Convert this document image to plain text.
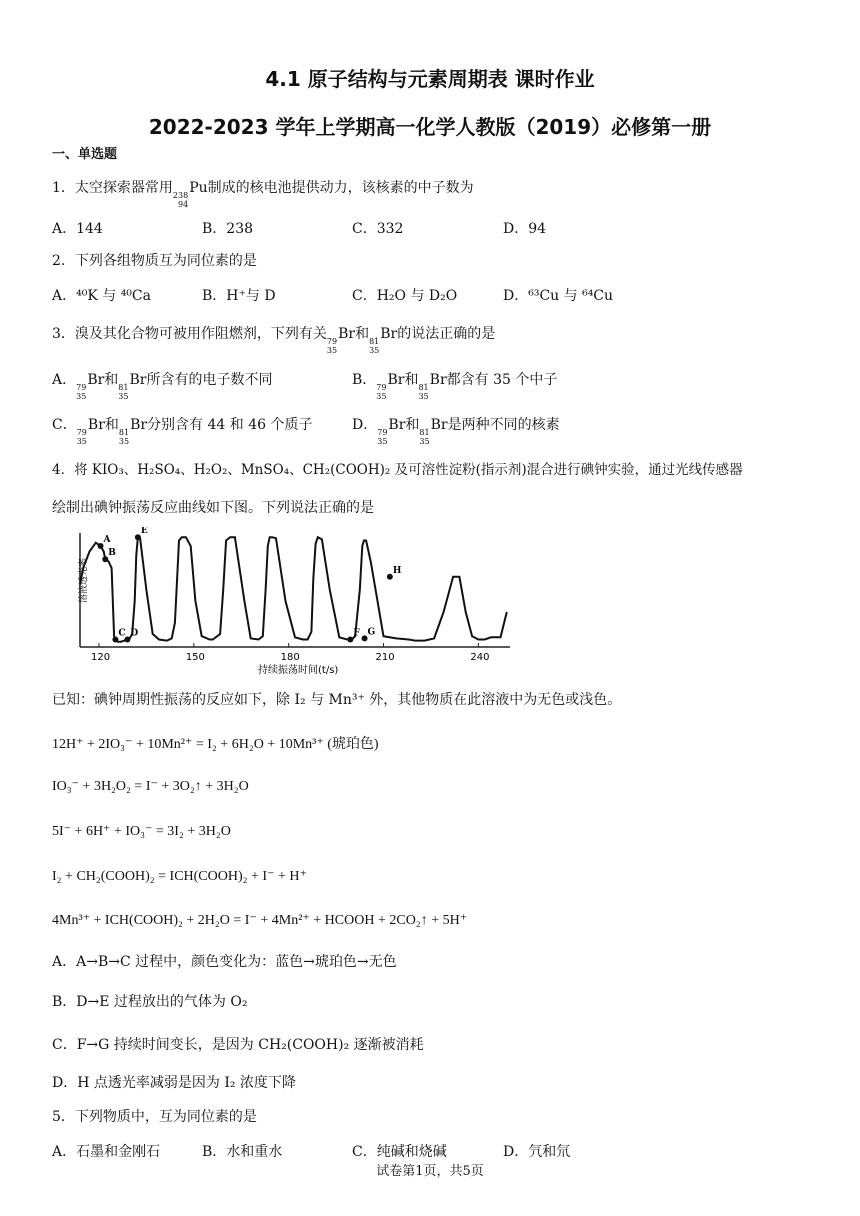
4.1 原子结构与元素周期表 课时作业
2022-2023 学年上学期高一化学人教版（2019）必修第一册
一、单选题
1．太空探索器常用 238
94
Pu制成的核电池提供动力，该核素的中子数为
A．144	B．238	C．332	D．94
2．下列各组物质互为同位素的是
A．⁴⁰K 与 ⁴⁰Ca	B．H⁺与 D	C．H₂O 与 D₂O	D．⁶³Cu 与 ⁶⁴Cu
3．溴及其化合物可被用作阻燃剂，下列有关 79
35
Br和 81
35
Br的说法正确的是
A． 79
35
Br和 81
35
Br所含有的电子数不同	B． 79
35
Br和 81
35
Br都含有 35 个中子
C． 79
35
Br和 81
35
Br分别含有 44 和 46 个质子	D． 79
35
Br和 81
35
Br是两种不同的核素
4．将 KIO₃、H₂SO₄、H₂O₂、MnSO₄、CH₂(COOH)₂ 及可溶性淀粉(指示剂)混合进行碘钟实验，通过光线传感器
绘制出碘钟振荡反应曲线如下图。下列说法正确的是
溶液透光率
持续振荡时间(t/s)
120	150	180	210	240
A
B
C D
E
F G
H
已知：碘钟周期性振荡的反应如下，除 I₂ 与 Mn³⁺ 外，其他物质在此溶液中为无色或浅色。
12H⁺ + 2IO₃⁻ + 10Mn²⁺ = I₂ + 6H₂O + 10Mn³⁺ (琥珀色)
IO₃⁻ + 3H₂O₂ = I⁻ + 3O₂↑ + 3H₂O
5I⁻ + 6H⁺ + IO₃⁻ = 3I₂ + 3H₂O
I₂ + CH₂(COOH)₂ = ICH(COOH)₂ + I⁻ + H⁺
4Mn³⁺ + ICH(COOH)₂ + 2H₂O = I⁻ + 4Mn²⁺ + HCOOH + 2CO₂↑ + 5H⁺
A．A→B→C 过程中，颜色变化为：蓝色→琥珀色→无色
B．D→E 过程放出的气体为 O₂
C．F→G 持续时间变长，是因为 CH₂(COOH)₂ 逐渐被消耗
D．H 点透光率减弱是因为 I₂ 浓度下降
5．下列物质中，互为同位素的是
A．石墨和金刚石	B．水和重水	C．纯碱和烧碱	D．氕和氘
试卷第1页，共5页
